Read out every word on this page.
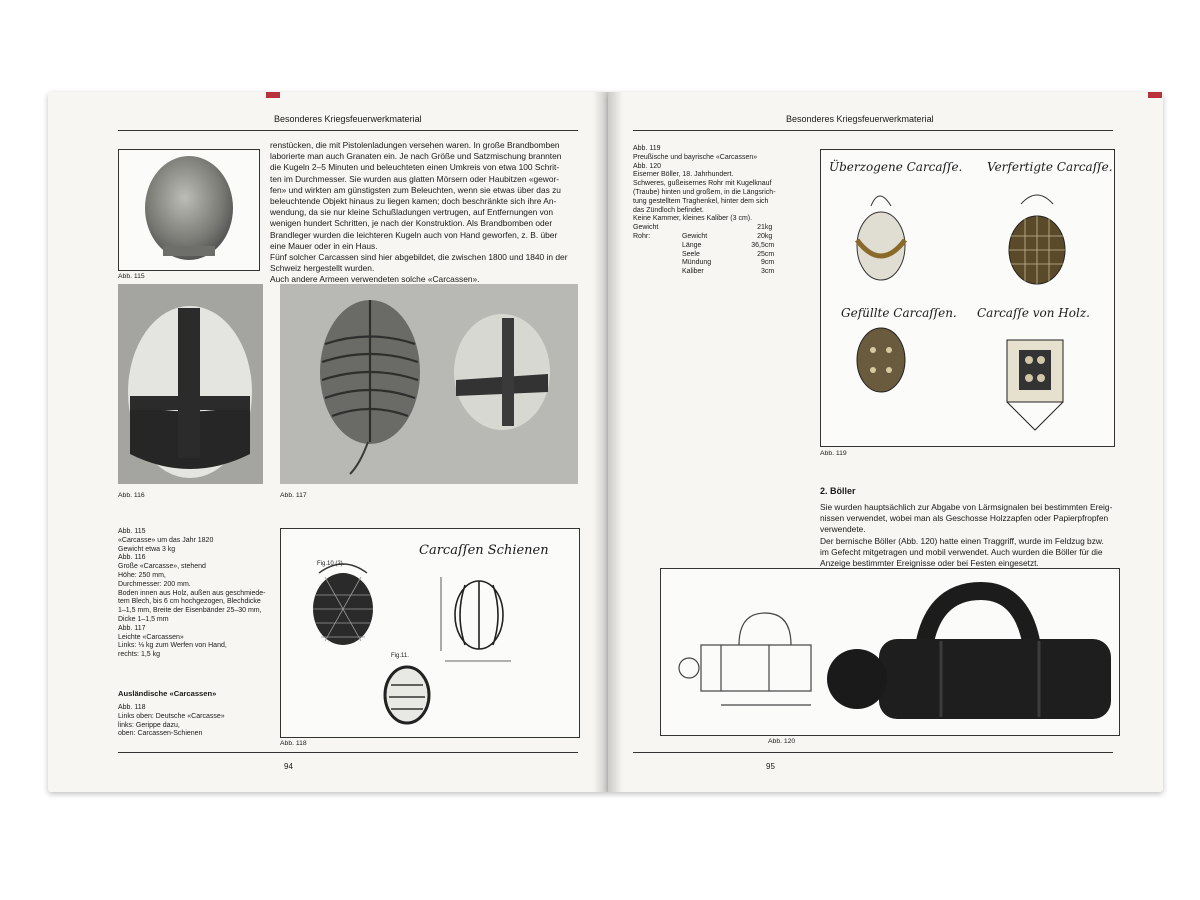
Besonderes Kriegsfeuerwerkmaterial
Abb. 115
renstücken, die mit Pistolenladungen versehen waren. In große Brandbomben
laborierte man auch Granaten ein. Je nach Größe und Satzmischung brannten
die Kugeln 2–5 Minuten und beleuchteten einen Umkreis von etwa 100 Schrit-
ten im Durchmesser. Sie wurden aus glatten Mörsern oder Haubitzen «gewor-
fen» und wirkten am günstigsten zum Beleuchten, wenn sie etwas über das zu
beleuchtende Objekt hinaus zu liegen kamen; doch beschränkte sich ihre An-
wendung, da sie nur kleine Schußladungen vertrugen, auf Entfernungen von
wenigen hundert Schritten, je nach der Konstruktion. Als Brandbomben oder
Brandleger wurden die leichteren Kugeln auch von Hand geworfen, z. B. über
eine Mauer oder in ein Haus.
Fünf solcher Carcassen sind hier abgebildet, die zwischen 1800 und 1840 in der
Schweiz hergestellt wurden.
Auch andere Armeen verwendeten solche «Carcassen».
Abb. 116	Abb. 117
Abb. 115
«Carcasse» um das Jahr 1820
Gewicht etwa 3 kg
Abb. 116
Große «Carcasse», stehend
Höhe: 250 mm,
Durchmesser: 200 mm.
Boden innen aus Holz, außen aus geschmiede-
tem Blech, bis 6 cm hochgezogen, Blechdicke
1–1,5 mm, Breite der Eisenbänder 25–30 mm,
Dicke 1–1,5 mm
Abb. 117
Leichte «Carcassen»
Links: ⅛ kg zum Werfen von Hand,
rechts: 1,5 kg
Ausländische «Carcassen»
Abb. 118
Links oben: Deutsche «Carcasse»
links: Gerippe dazu,
oben: Carcassen-Schienen
Carcaſſen Schienen
Fig.10 (2).
Fig.11.
Abb. 118
94
Besonderes Kriegsfeuerwerkmaterial
Abb. 119
Preußische und bayrische «Carcassen»
Abb. 120
Eiserner Böller, 18. Jahrhundert.
Schweres, gußeisernes Rohr mit Kugelknauf
(Traube) hinten und großem, in die Längsrich-
tung gestelltem Traghenkel, hinter dem sich
das Zündloch befindet.
Keine Kammer, kleines Kaliber (3 cm).
Gewicht		21	kg
Rohr:	Gewicht	20	kg
	Länge	36,5	cm
	Seele	25	cm
	Mündung	9	cm
	Kaliber	3	cm
Überzogene Carcaſſe. Verfertigte Carcaſſe.
Gefüllte Carcaſſen. Carcaſſe von Holz.
Abb. 119
2. Böller
Sie wurden hauptsächlich zur Abgabe von Lärmsignalen bei bestimmten Ereig-
nissen verwendet, wobei man als Geschosse Holzzapfen oder Papierpfropfen
verwendete.
Der bernische Böller (Abb. 120) hatte einen Traggriff, wurde im Feldzug bzw.
im Gefecht mitgetragen und mobil verwendet. Auch wurden die Böller für die
Anzeige bestimmter Ereignisse oder bei Festen eingesetzt.
Abb. 120
95
